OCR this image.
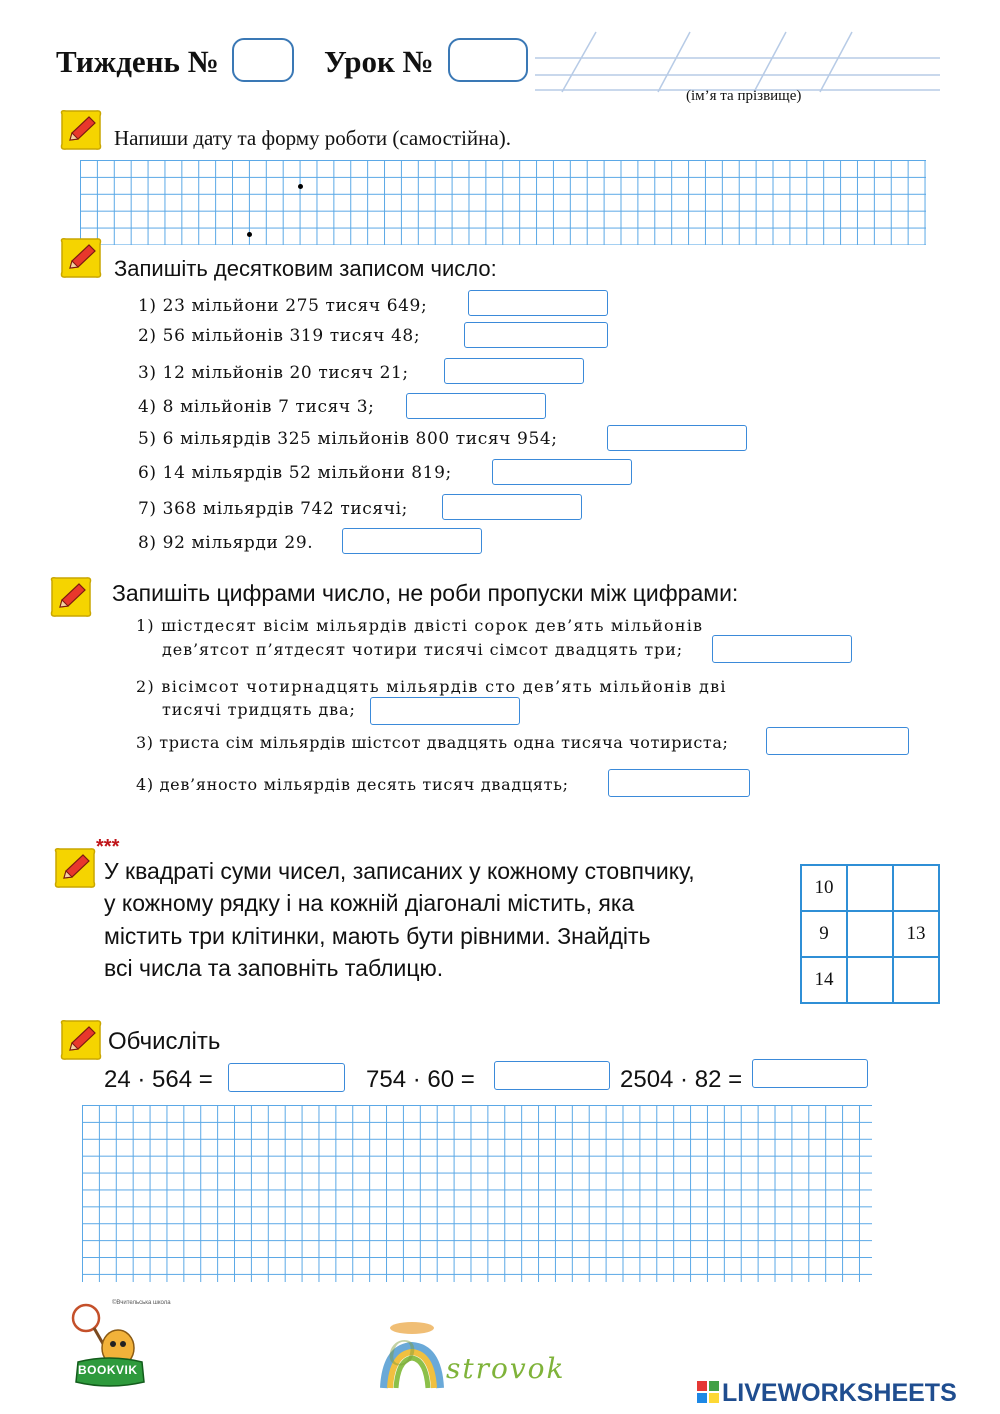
Тиждень №	Урок №
(ім’я та прізвище)
Напиши дату та форму роботи (самостійна).
Запишіть десятковим записом число:
1) 23 мільйони 275 тисяч 649;
2) 56 мільйонів 319 тисяч 48;
3) 12 мільйонів 20 тисяч 21;
4) 8 мільйонів 7 тисяч 3;
5) 6 мільярдів 325 мільйонів 800 тисяч 954;
6) 14 мільярдів 52 мільйони 819;
7) 368 мільярдів 742 тисячі;
8) 92 мільярди 29.
Запишіть цифрами число, не роби пропуски між цифрами:
1) шістдесят вісім мільярдів двісті сорок дев’ять мільйонів
дев’ятсот п’ятдесят чотири тисячі сімсот двадцять три;
2) вісімсот чотирнадцять мільярдів сто дев’ять мільйонів дві
тисячі тридцять два;
3) триста сім мільярдів шістсот двадцять одна тисяча чотириста;
4) дев’яносто мільярдів десять тисяч двадцять;
***
У квадраті суми чисел, записаних у кожному стовпчику,
у кожному рядку і на кожній діагоналі містить, яка
містить три клітинки, мають бути рівними. Знайдіть
всі числа та заповніть таблицю.
10		
9		13
14		
Обчисліть
24 · 564 =	754 · 60 =	2504 · 82 =
BOOKVIK
©Вчительська школа
O strovok
LIVEWORKSHEETS
